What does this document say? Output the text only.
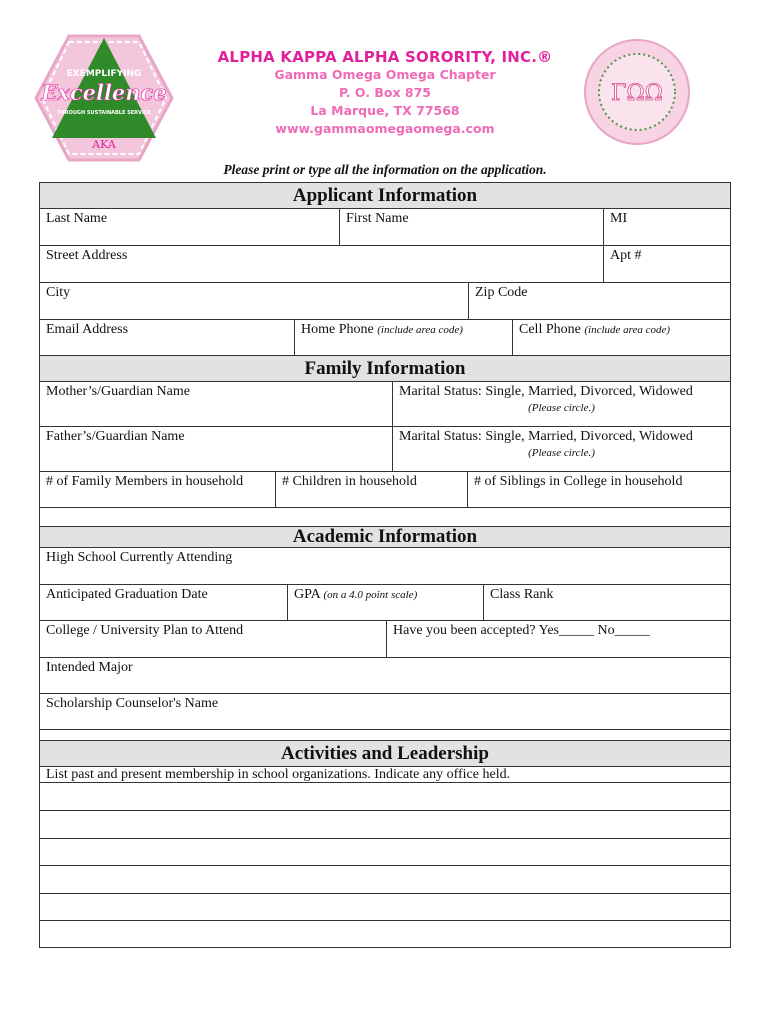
EXEMPLIFYING
Excellence
THROUGH SUSTAINABLE SERVICE
AKA
ΓΩΩ
ALPHA KAPPA ALPHA SORORITY, INC.®
Gamma Omega Omega Chapter
P. O. Box 875
La Marque, TX 77568
www.gammaomegaomega.com
Please print or type all the information on the application.
Applicant Information
Last Name	First Name	MI
Street Address	Apt #
City	Zip Code
Email Address	Home Phone (include area code)	Cell Phone (include area code)
Family Information
Mother’s/Guardian Name	Marital Status: Single, Married, Divorced, Widowed
(Please circle.)
Father’s/Guardian Name	Marital Status: Single, Married, Divorced, Widowed
(Please circle.)
# of Family Members in household	# Children in household	# of Siblings in College in household
Academic Information
High School Currently Attending
Anticipated Graduation Date	GPA (on a 4.0 point scale)	Class Rank
College / University Plan to Attend	Have you been accepted? Yes_____ No_____
Intended Major
Scholarship Counselor's Name
Activities and Leadership
List past and present membership in school organizations. Indicate any office held.
